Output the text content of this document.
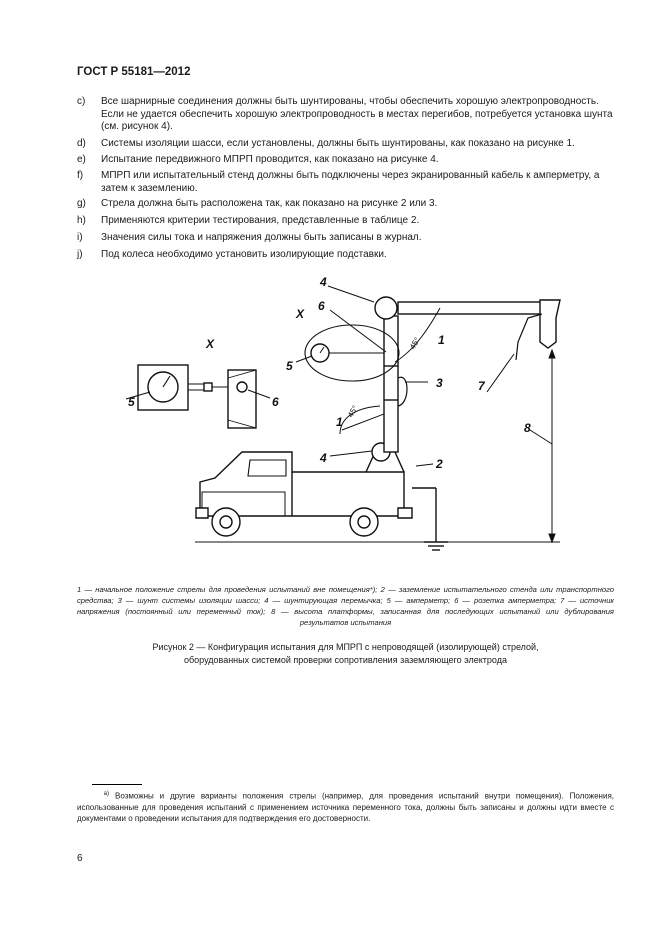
ГОСТ Р 55181—2012
c) Все шарнирные соединения должны быть шунтированы, чтобы обеспечить хорошую электропроводность. Если не удается обеспечить хорошую электропроводность в местах перегибов, потребуется установка шунта (см. рисунок 4).
d) Системы изоляции шасси, если установлены, должны быть шунтированы, как показано на рисунке 1.
e) Испытание передвижного МПРП проводится, как показано на рисунке 4.
f) МПРП или испытательный стенд должны быть подключены через экранированный кабель к амперметру, а затем к заземлению.
g) Стрела должна быть расположена так, как показано на рисунке 2 или 3.
h) Применяются критерии тестирования, представленные в таблице 2.
i) Значения силы тока и напряжения должны быть записаны в журнал.
j) Под колеса необходимо установить изолирующие подставки.
4
6
X
X
5
1
3	7
8
2
4
1
5	6
45°
45°
1 — начальное положение стрелы для проведения испытаний вне помещения*); 2 — заземление испытательного стенда или транспортного средства; 3 — шунт системы изоляции шасси; 4 — шунтирующая перемычка; 5 — амперметр; 6 — розетка амперметра; 7 — источник напряжения (постоянный или переменный ток); 8 — высота платформы, записанная для последующих испытаний или дублирования результатов испытания
Рисунок 2 — Конфигурация испытания для МПРП с непроводящей (изолирующей) стрелой,
оборудованных системой проверки сопротивления заземляющего электрода
$^{а)}$ Возможны и другие варианты положения стрелы (например, для проведения испытаний внутри помещения). Положения, использованные для проведения испытаний с применением источника переменного тока, должны быть записаны и должны идти вместе с документами о проведении испытания для подтверждения его достоверности.
6
